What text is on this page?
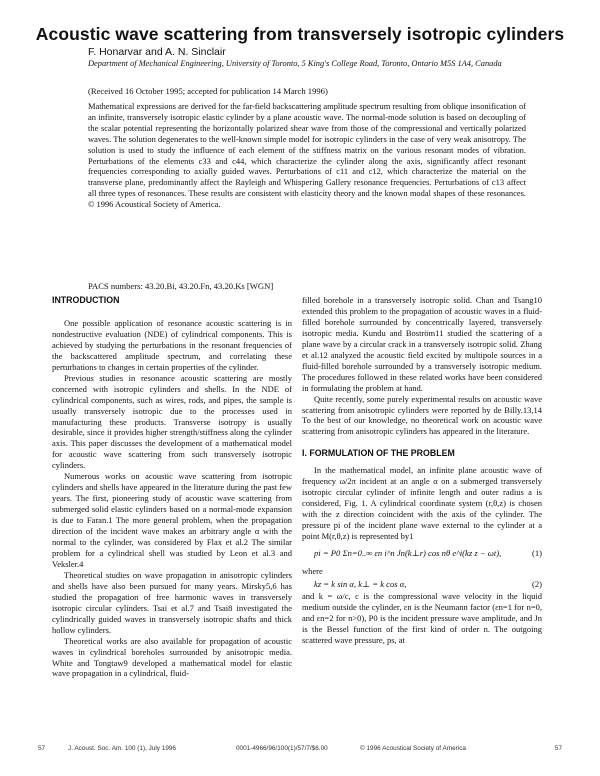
Acoustic wave scattering from transversely isotropic cylinders
F. Honarvar and A. N. Sinclair
Department of Mechanical Engineering, University of Toronto, 5 King's College Road, Toronto, Ontario M5S 1A4, Canada
(Received 16 October 1995; accepted for publication 14 March 1996)
Mathematical expressions are derived for the far-field backscattering amplitude spectrum resulting from oblique insonification of an infinite, transversely isotropic elastic cylinder by a plane acoustic wave. The normal-mode solution is based on decoupling of the scalar potential representing the horizontally polarized shear wave from those of the compressional and vertically polarized waves. The solution degenerates to the well-known simple model for isotropic cylinders in the case of very weak anisotropy. The solution is used to study the influence of each element of the stiffness matrix on the various resonant modes of vibration. Perturbations of the elements c33 and c44, which characterize the cylinder along the axis, significantly affect resonant frequencies corresponding to axially guided waves. Perturbations of c11 and c12, which characterize the material on the transverse plane, predominantly affect the Rayleigh and Whispering Gallery resonance frequencies. Perturbations of c13 affect all three types of resonances. These results are consistent with elasticity theory and the known modal shapes of these resonances. © 1996 Acoustical Society of America.
PACS numbers: 43.20.Bi, 43.20.Fn, 43.20.Ks [WGN]

INTRODUCTION

One possible application of resonance acoustic scattering is in nondestructive evaluation (NDE) of cylindrical components. This is achieved by studying the perturbations in the resonant frequencies of the backscattered amplitude spectrum, and correlating these perturbations to changes in certain properties of the cylinder.

Previous studies in resonance acoustic scattering are mostly concerned with isotropic cylinders and shells. In the NDE of cylindrical components, such as wires, rods, and pipes, the sample is usually transversely isotropic due to the processes used in manufacturing these products. Transverse isotropy is usually desirable, since it provides higher strength/stiffness along the cylinder axis. This paper discusses the development of a mathematical model for acoustic wave scattering from such transversely isotropic cylinders.

Numerous works on acoustic wave scattering from isotropic cylinders and shells have appeared in the literature during the past few years. The first, pioneering study of acoustic wave scattering from submerged solid elastic cylinders based on a normal-mode expansion is due to Faran.1 The more general problem, when the propagation direction of the incident wave makes an arbitrary angle α with the normal to the cylinder, was considered by Flax et al.2 The similar problem for a cylindrical shell was studied by Leon et al.3 and Veksler.4

Theoretical studies on wave propagation in anisotropic cylinders and shells have also been pursued for many years. Mirsky5,6 has studied the propagation of free harmonic waves in transversely isotropic circular cylinders. Tsai et al.7 and Tsai8 investigated the cylindrically guided waves in transversely isotropic shafts and thick hollow cylinders.

Theoretical works are also available for propagation of acoustic waves in cylindrical boreholes surrounded by anisotropic media. White and Tongtaw9 developed a mathematical model for elastic wave propagation in a cylindrical, fluid-

filled borehole in a transversely isotropic solid. Chan and Tsang10 extended this problem to the propagation of acoustic waves in a fluid-filled borehole surrounded by concentrically layered, transversely isotropic media. Kundu and Boström11 studied the scattering of a plane wave by a circular crack in a transversely isotropic solid. Zhang et al.12 analyzed the acoustic field excited by multipole sources in a fluid-filled borehole surrounded by a transversely isotropic medium. The procedures followed in these related works have been considered in formulating the problem at hand.

Quite recently, some purely experimental results on acoustic wave scattering from anisotropic cylinders were reported by de Billy.13,14 To the best of our knowledge, no theoretical work on acoustic wave scattering from anisotropic cylinders has appeared in the literature.

I. FORMULATION OF THE PROBLEM

In the mathematical model, an infinite plane acoustic wave of frequency ω/2π incident at an angle α on a submerged transversely isotropic circular cylinder of infinite length and outer radius a is considered, Fig. 1. A cylindrical coordinate system (r,θ,z) is chosen with the z direction coincident with the axis of the cylinder. The pressure pi of the incident plane wave external to the cylinder at a point M(r,θ,z) is represented by1

pi = P0 Σn=0..∞ εn i^n Jn(k⊥r) cos nθ e^i(kz z − ωt),	(1)

where

kz = k sin α, k⊥ = k cos α,	(2)

and k = ω/c, c is the compressional wave velocity in the liquid medium outside the cylinder, εn is the Neumann factor (εn=1 for n=0, and εn=2 for n>0), P0 is the incident pressure wave amplitude, and Jn is the Bessel function of the first kind of order n. The outgoing scattered wave pressure, ps, at

57	J. Acoust. Soc. Am. 100 (1), July 1996	0001-4966/96/100(1)/57/7/$6.00	© 1996 Acoustical Society of America	57
